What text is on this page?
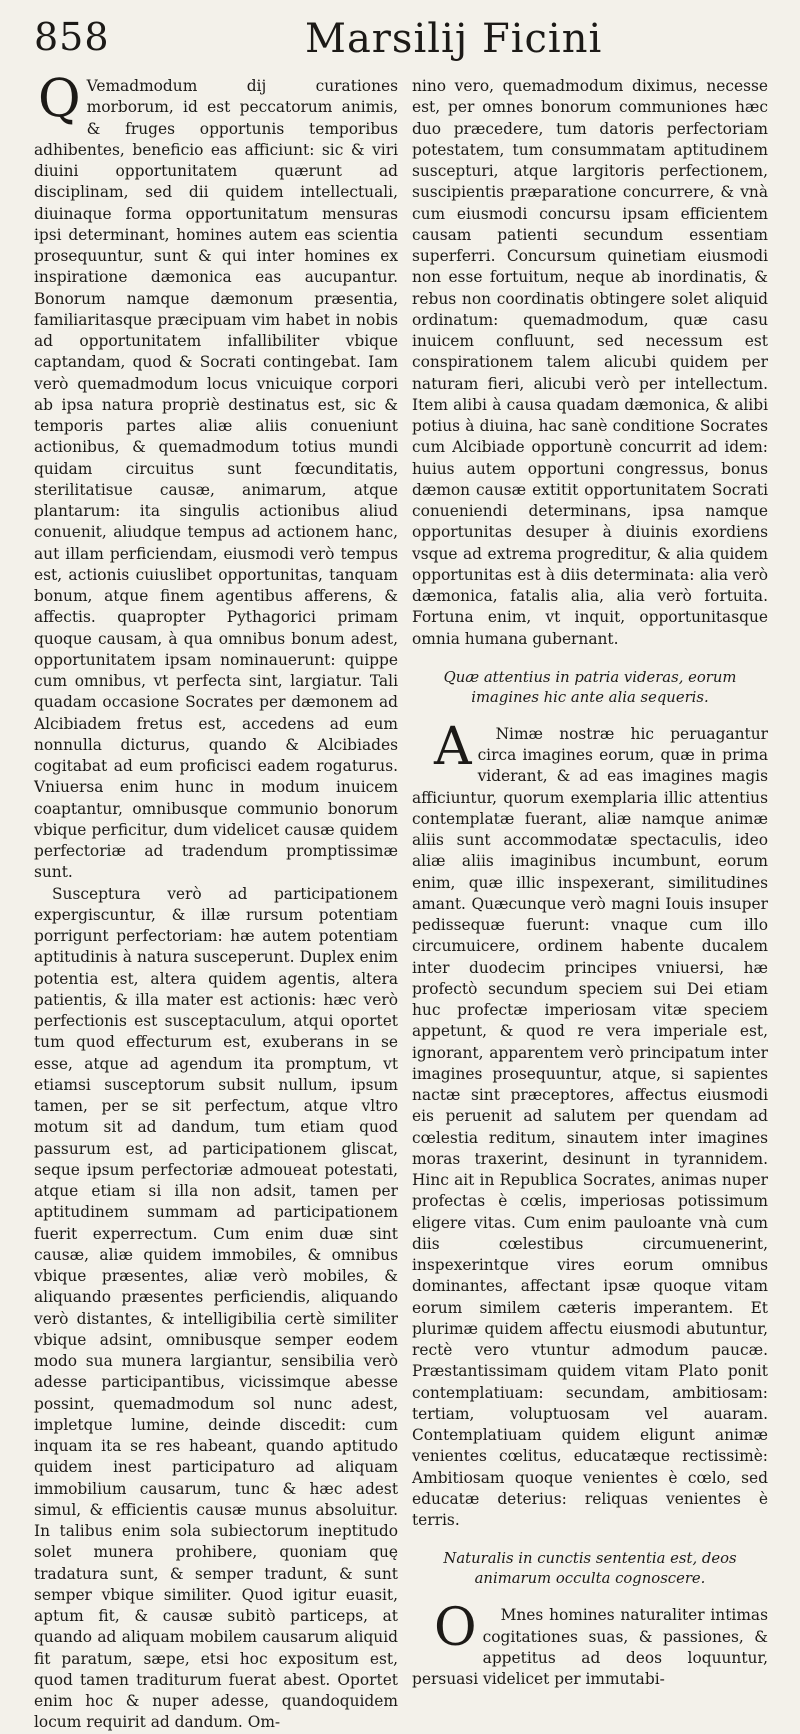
858	Marsilij Ficini

Q Vemadmodum dij curationes morborum, id est peccatorum animis, & fruges opportunis temporibus adhibentes, beneficio eas afficiunt: sic & viri diuini opportunitatem quærunt ad disciplinam, sed dii quidem intellectuali, diuinaque forma opportunitatum mensuras ipsi determinant, homines autem eas scientia prosequuntur, sunt & qui inter homines ex inspiratione dæmonica eas aucupantur. Bonorum namque dæmonum præsentia, familiaritasque præcipuam vim habet in nobis ad opportunitatem infallibiliter vbique captandam, quod & Socrati contingebat. Iam verò quemadmodum locus vnicuique corpori ab ipsa natura propriè destinatus est, sic & temporis partes aliæ aliis conueniunt actionibus, & quemadmodum totius mundi quidam circuitus sunt fœcunditatis, sterilitatisue causæ, animarum, atque plantarum: ita singulis actionibus aliud conuenit, aliudque tempus ad actionem hanc, aut illam perficiendam, eiusmodi verò tempus est, actionis cuiuslibet opportunitas, tanquam bonum, atque finem agentibus afferens, & affectis. quapropter Pythagorici primam quoque causam, à qua omnibus bonum adest, opportunitatem ipsam nominauerunt: quippe cum omnibus, vt perfecta sint, largiatur. Tali quadam occasione Socrates per dæmonem ad Alcibiadem fretus est, accedens ad eum nonnulla dicturus, quando & Alcibiades cogitabat ad eum proficisci eadem rogaturus. Vniuersa enim hunc in modum inuicem coaptantur, omnibusque communio bonorum vbique perficitur, dum videlicet causæ quidem perfectoriæ ad tradendum promptissimæ sunt.

Susceptura verò ad participationem expergiscuntur, & illæ rursum potentiam porrigunt perfectoriam: hæ autem potentiam aptitudinis à natura susceperunt. Duplex enim potentia est, altera quidem agentis, altera patientis, & illa mater est actionis: hæc verò perfectionis est susceptaculum, atqui oportet tum quod effecturum est, exuberans in se esse, atque ad agendum ita promptum, vt etiamsi susceptorum subsit nullum, ipsum tamen, per se sit perfectum, atque vltro motum sit ad dandum, tum etiam quod passurum est, ad participationem gliscat, seque ipsum perfectoriæ admoueat potestati, atque etiam si illa non adsit, tamen per aptitudinem summam ad participationem fuerit experrectum. Cum enim duæ sint causæ, aliæ quidem immobiles, & omnibus vbique præsentes, aliæ verò mobiles, & aliquando præsentes perficiendis, aliquando verò distantes, & intelligibilia certè similiter vbique adsint, omnibusque semper eodem modo sua munera largiantur, sensibilia verò adesse participantibus, vicissimque abesse possint, quemadmodum sol nunc adest, impletque lumine, deinde discedit: cum inquam ita se res habeant, quando aptitudo quidem inest participaturo ad aliquam immobilium causarum, tunc & hæc adest simul, & efficientis causæ munus absoluitur. In talibus enim sola subiectorum ineptitudo solet munera prohibere, quoniam quę tradatura sunt, & semper tradunt, & sunt semper vbique similiter. Quod igitur euasit, aptum fit, & causæ subitò particeps, at quando ad aliquam mobilem causarum aliquid fit paratum, sæpe, etsi hoc expositum est, quod tamen traditurum fuerat abest. Oportet enim hoc & nuper adesse, quandoquidem locum requirit ad dandum. Om-

nino vero, quemadmodum diximus, necesse est, per omnes bonorum communiones hæc duo præcedere, tum datoris perfectoriam potestatem, tum consummatam aptitudinem suscepturi, atque largitoris perfectionem, suscipientis præparatione concurrere, & vnà cum eiusmodi concursu ipsam efficientem causam patienti secundum essentiam superferri. Concursum quinetiam eiusmodi non esse fortuitum, neque ab inordinatis, & rebus non coordinatis obtingere solet aliquid ordinatum: quemadmodum, quæ casu inuicem confluunt, sed necessum est conspirationem talem alicubi quidem per naturam fieri, alicubi verò per intellectum. Item alibi à causa quadam dæmonica, & alibi potius à diuina, hac sanè conditione Socrates cum Alcibiade opportunè concurrit ad idem: huius autem opportuni congressus, bonus dæmon causæ extitit opportunitatem Socrati conueniendi determinans, ipsa namque opportunitas desuper à diuinis exordiens vsque ad extrema progreditur, & alia quidem opportunitas est à diis determinata: alia verò dæmonica, fatalis alia, alia verò fortuita. Fortuna enim, vt inquit, opportunitasque omnia humana gubernant.

Quæ attentius in patria videras, eorum imagines hic ante alia sequeris.

A	Nimæ nostræ hic peruagantur circa imagines eorum, quæ in prima viderant, & ad eas imagines magis afficiuntur, quorum exemplaria illic attentius contemplatæ fuerant, aliæ namque animæ aliis sunt accommodatæ spectaculis, ideo aliæ aliis imaginibus incumbunt, eorum enim, quæ illic inspexerant, similitudines amant. Quæcunque verò magni Iouis insuper pedissequæ fuerunt: vnaque cum illo circumuicere, ordinem habente ducalem inter duodecim principes vniuersi, hæ profectò secundum speciem sui Dei etiam huc profectæ imperiosam vitæ speciem appetunt, & quod re vera imperiale est, ignorant, apparentem verò principatum inter imagines prosequuntur, atque, si sapientes nactæ sint præceptores, affectus eiusmodi eis peruenit ad salutem per quendam ad cœlestia reditum, sinautem inter imagines moras traxerint, desinunt in tyrannidem. Hinc ait in Republica Socrates, animas nuper profectas è cœlis, imperiosas potissimum eligere vitas. Cum enim pauloante vnà cum diis cœlestibus circumuenerint, inspexerintque vires eorum omnibus dominantes, affectant ipsæ quoque vitam eorum similem cæteris imperantem. Et plurimæ quidem affectu eiusmodi abutuntur, rectè vero vtuntur admodum paucæ. Præstantissimam quidem vitam Plato ponit contemplatiuam: secundam, ambitiosam: tertiam, voluptuosam vel auaram. Contemplatiuam quidem eligunt animæ venientes cœlitus, educatæque rectissimè: Ambitiosam quoque venientes è cœlo, sed educatæ deterius: reliquas venientes è terris.

Naturalis in cunctis sententia est, deos animarum occulta cognoscere.

O	Mnes homines naturaliter intimas cogitationes suas, & passiones, & appetitus ad deos loquuntur, persuasi videlicet per immutabi-
